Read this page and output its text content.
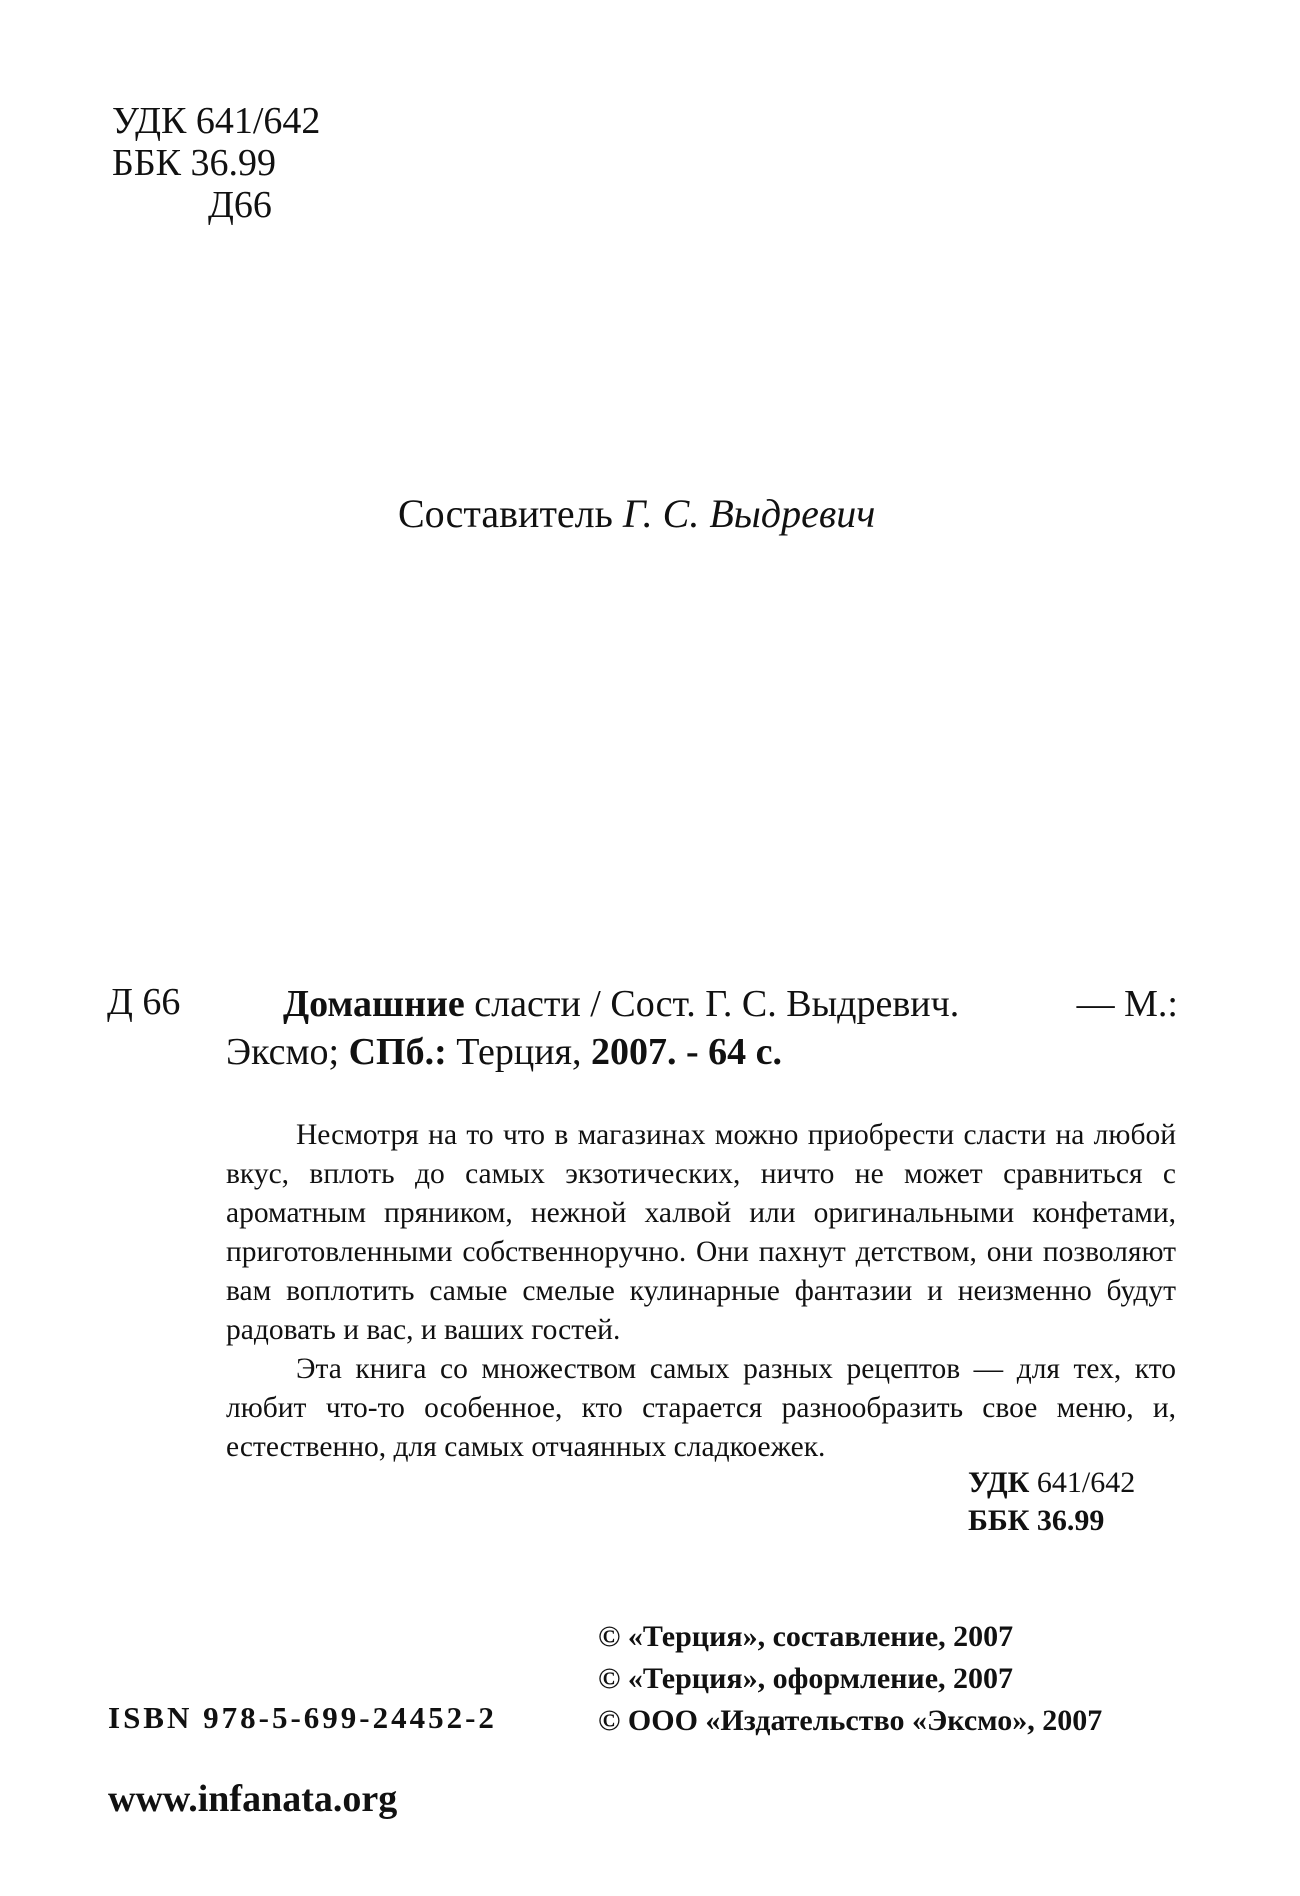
УДК 641/642
ББК 36.99
Д66
Составитель Г. С. Выдревич
Д 66	Домашние сласти / Сост. Г. С. Выдревич.	— М.:
Эксмо; СПб.: Терция, 2007. - 64 с.

Несмотря на то что в магазинах можно приобрести сласти на любой вкус, вплоть до самых экзотических, ничто не может сравниться с ароматным пряником, нежной халвой или оригинальными конфетами, приготовленными собственноручно. Они пахнут детством, они позволяют вам воплотить самые смелые кулинарные фантазии и неизменно будут радовать и вас, и ваших гостей.

Эта книга со множеством самых разных рецептов — для тех, кто любит что-то особенное, кто старается разнообразить свое меню, и, естественно, для самых отчаянных сладкоежек.

УДК 641/642
ББК 36.99
© «Терция», составление, 2007
© «Терция», оформление, 2007
© ООО «Издательство «Эксмо», 2007
ISBN 978-5-699-24452-2
www.infanata.org
